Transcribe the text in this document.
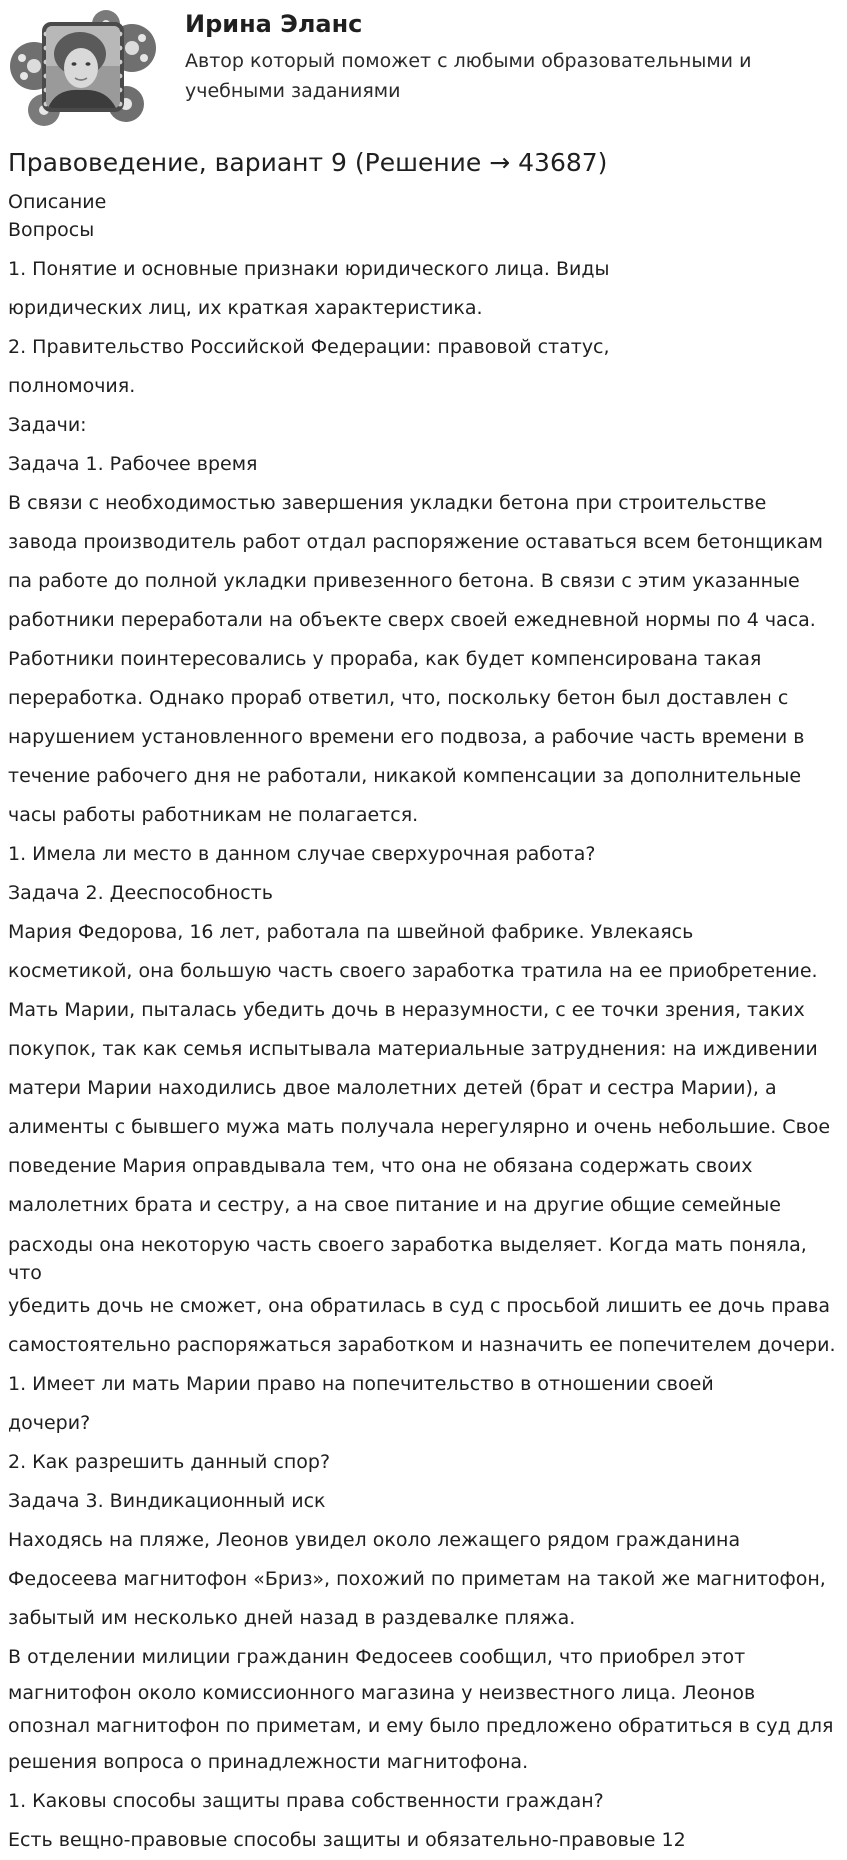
Ирина Эланс
Автор который поможет с любыми образовательными и учебными заданиями
Правоведение, вариант 9 (Решение → 43687)
Описание
Вопросы
1. Понятие и основные признаки юридического лица. Виды
юридических лиц, их краткая характеристика.
2. Правительство Российской Федерации: правовой статус,
полномочия.
Задачи:
Задача 1. Рабочее время
В связи с необходимостью завершения укладки бетона при строительстве
завода производитель работ отдал распоряжение оставаться всем бетонщикам
па работе до полной укладки привезенного бетона. В связи с этим указанные
работники переработали на объекте сверх своей ежедневной нормы по 4 часа.
Работники поинтересовались у прораба, как будет компенсирована такая
переработка. Однако прораб ответил, что, поскольку бетон был доставлен с
нарушением установленного времени его подвоза, а рабочие часть времени в
течение рабочего дня не работали, никакой компенсации за дополнительные
часы работы работникам не полагается.
1. Имела ли место в данном случае сверхурочная работа?
Задача 2. Дееспособность
Мария Федорова, 16 лет, работала па швейной фабрике. Увлекаясь
косметикой, она большую часть своего заработка тратила на ее приобретение.
Мать Марии, пыталась убедить дочь в неразумности, с ее точки зрения, таких
покупок, так как семья испытывала материальные затруднения: на иждивении
матери Марии находились двое малолетних детей (брат и сестра Марии), а
алименты с бывшего мужа мать получала нерегулярно и очень небольшие. Свое
поведение Мария оправдывала тем, что она не обязана содержать своих
малолетних брата и сестру, а на свое питание и на другие общие семейные
расходы она некоторую часть своего заработка выделяет. Когда мать поняла,
что
убедить дочь не сможет, она обратилась в суд с просьбой лишить ее дочь права
самостоятельно распоряжаться заработком и назначить ее попечителем дочери.
1. Имеет ли мать Марии право на попечительство в отношении своей
дочери?
2. Как разрешить данный спор?
Задача 3. Виндикационный иск
Находясь на пляже, Леонов увидел около лежащего рядом гражданина
Федосеева магнитофон «Бриз», похожий по приметам на такой же магнитофон,
забытый им несколько дней назад в раздевалке пляжа.
В отделении милиции гражданин Федосеев сообщил, что приобрел этот
магнитофон около комиссионного магазина у неизвестного лица. Леонов
опознал магнитофон по приметам, и ему было предложено обратиться в суд для
решения вопроса о принадлежности магнитофона.
1. Каковы способы защиты права собственности граждан?
Есть вещно-правовые способы защиты и обязательно-правовые 12
